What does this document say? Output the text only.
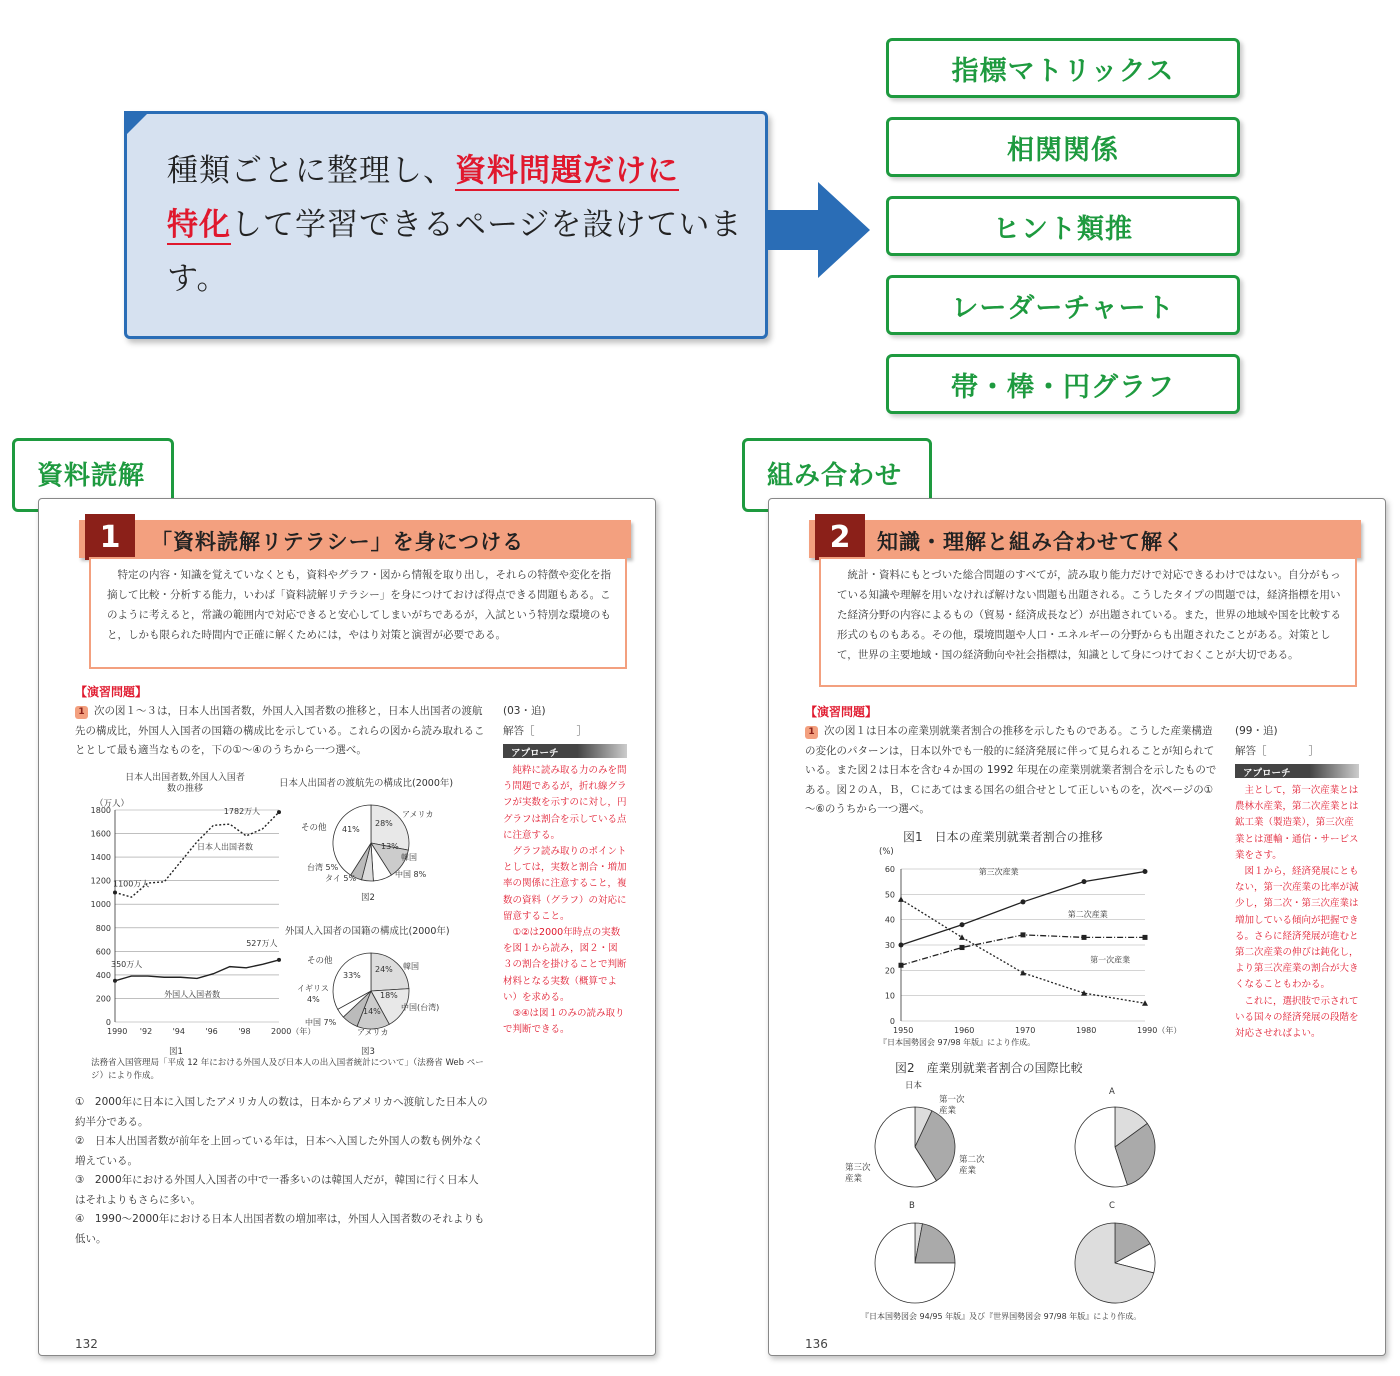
種類ごとに整理し、資料問題だけに
特化して学習できるページを設けています。
指標マトリックス
相関関係
ヒント類推
レーダーチャート
帯・棒・円グラフ
資料読解	組み合わせ
1	「資料読解リテラシー」を身につける
特定の内容・知識を覚えていなくとも，資料やグラフ・図から情報を取り出し，それらの特徴や変化を指摘して比較・分析する能力，いわば「資料読解リテラシー」を身につけておけば得点できる問題もある。このように考えると，常識の範囲内で対応できると安心してしまいがちであるが，入試という特別な環境のもと，しかも限られた時間内で正確に解くためには，やはり対策と演習が必要である。
【演習問題】
1 次の図１～３は，日本人出国者数，外国人入国者数の推移と，日本人出国者の渡航先の構成比，外国人入国者の国籍の構成比を示している。これらの図から読み取れることとして最も適当なものを，下の①～④のうちから一つ選べ。
(03・追)
解答［　　　　］
アプローチ

純粋に読み取る力のみを問う問題であるが，折れ線グラフが実数を示すのに対し，円グラフは割合を示している点に注意する。

グラフ読み取りのポイントとしては，実数と割合・増加率の関係に注意すること，複数の資料（グラフ）の対応に留意すること。

①②は2000年時点の実数を図１から読み，図２・図３の割合を掛けることで判断材料となる実数（概算でよい）を求める。

③④は図１のみの読み取りで判断できる。

日本人出国者数,外国人入国者数の推移
（万人）
1800
1600
1400
1200
1000
800
600
400
200
0
1990 '92	'94	'96	'98	2000（年）
1782万人
日本人出国者数
1100万人
527万人
350万人
外国人入国者数
図1
日本人出国者の渡航先の構成比(2000年)
アメリカ
28%
その他 41%
13%
韓国
台湾 5%
タイ 5%	中国 8%
図2
外国人入国者の国籍の構成比(2000年)
その他
33%
24% 韓国
イギリス
4%	18%
中国(台湾)
中国 7%
14%
アメリカ
図3
法務省入国管理局「平成 12 年における外国人及び日本人の出入国者統計について」（法務省 Web ページ）により作成。

①　2000年に日本に入国したアメリカ人の数は，日本からアメリカへ渡航した日本人の約半分である。

②　日本人出国者数が前年を上回っている年は，日本へ入国した外国人の数も例外なく増えている。

③　2000年における外国人入国者の中で一番多いのは韓国人だが，韓国に行く日本人はそれよりもさらに多い。

④　1990～2000年における日本人出国者数の増加率は，外国人入国者数のそれよりも低い。

132
2	知識・理解と組み合わせて解く
統計・資料にもとづいた総合問題のすべてが，読み取り能力だけで対応できるわけではない。自分がもっている知識や理解を用いなければ解けない問題も出題される。こうしたタイプの問題では，経済指標を用いた経済分野の内容によるもの（貿易・経済成長など）が出題されている。また，世界の地域や国を比較する形式のものもある。その他，環境問題や人口・エネルギーの分野からも出題されたことがある。対策として，世界の主要地域・国の経済動向や社会指標は，知識として身につけておくことが大切である。
【演習問題】
1 次の図１は日本の産業別就業者割合の推移を示したものである。こうした産業構造の変化のパターンは，日本以外でも一般的に経済発展に伴って見られることが知られている。また図２は日本を含む４か国の 1992 年現在の産業別就業者割合を示したものである。図２のＡ，Ｂ，Ｃにあてはまる国名の組合せとして正しいものを，次ページの①～⑥のうちから一つ選べ。
(99・追)
解答［　　　　］
アプローチ

主として，第一次産業とは農林水産業，第二次産業とは鉱工業（製造業），第三次産業とは運輸・通信・サービス業をさす。

図１から，経済発展にともない，第一次産業の比率が減少し，第二次・第三次産業は増加している傾向が把握できる。さらに経済発展が進むと第二次産業の伸びは鈍化し，より第三次産業の割合が大きくなることもわかる。

これに，選択肢で示されている国々の経済発展の段階を対応させればよい。

図1　日本の産業別就業者割合の推移
(%)
60
50
40
30
20
10
0
1950	1960	1970	1980	1990（年）
第三次産業
第二次産業
第一次産業
『日本国勢図会 97/98 年版』により作成。
図2　産業別就業者割合の国際比較
日本
第一次産業
第二次産業
第三次産業
A
B	C
『日本国勢図会 94/95 年版』及び『世界国勢図会 97/98 年版』により作成。
136
